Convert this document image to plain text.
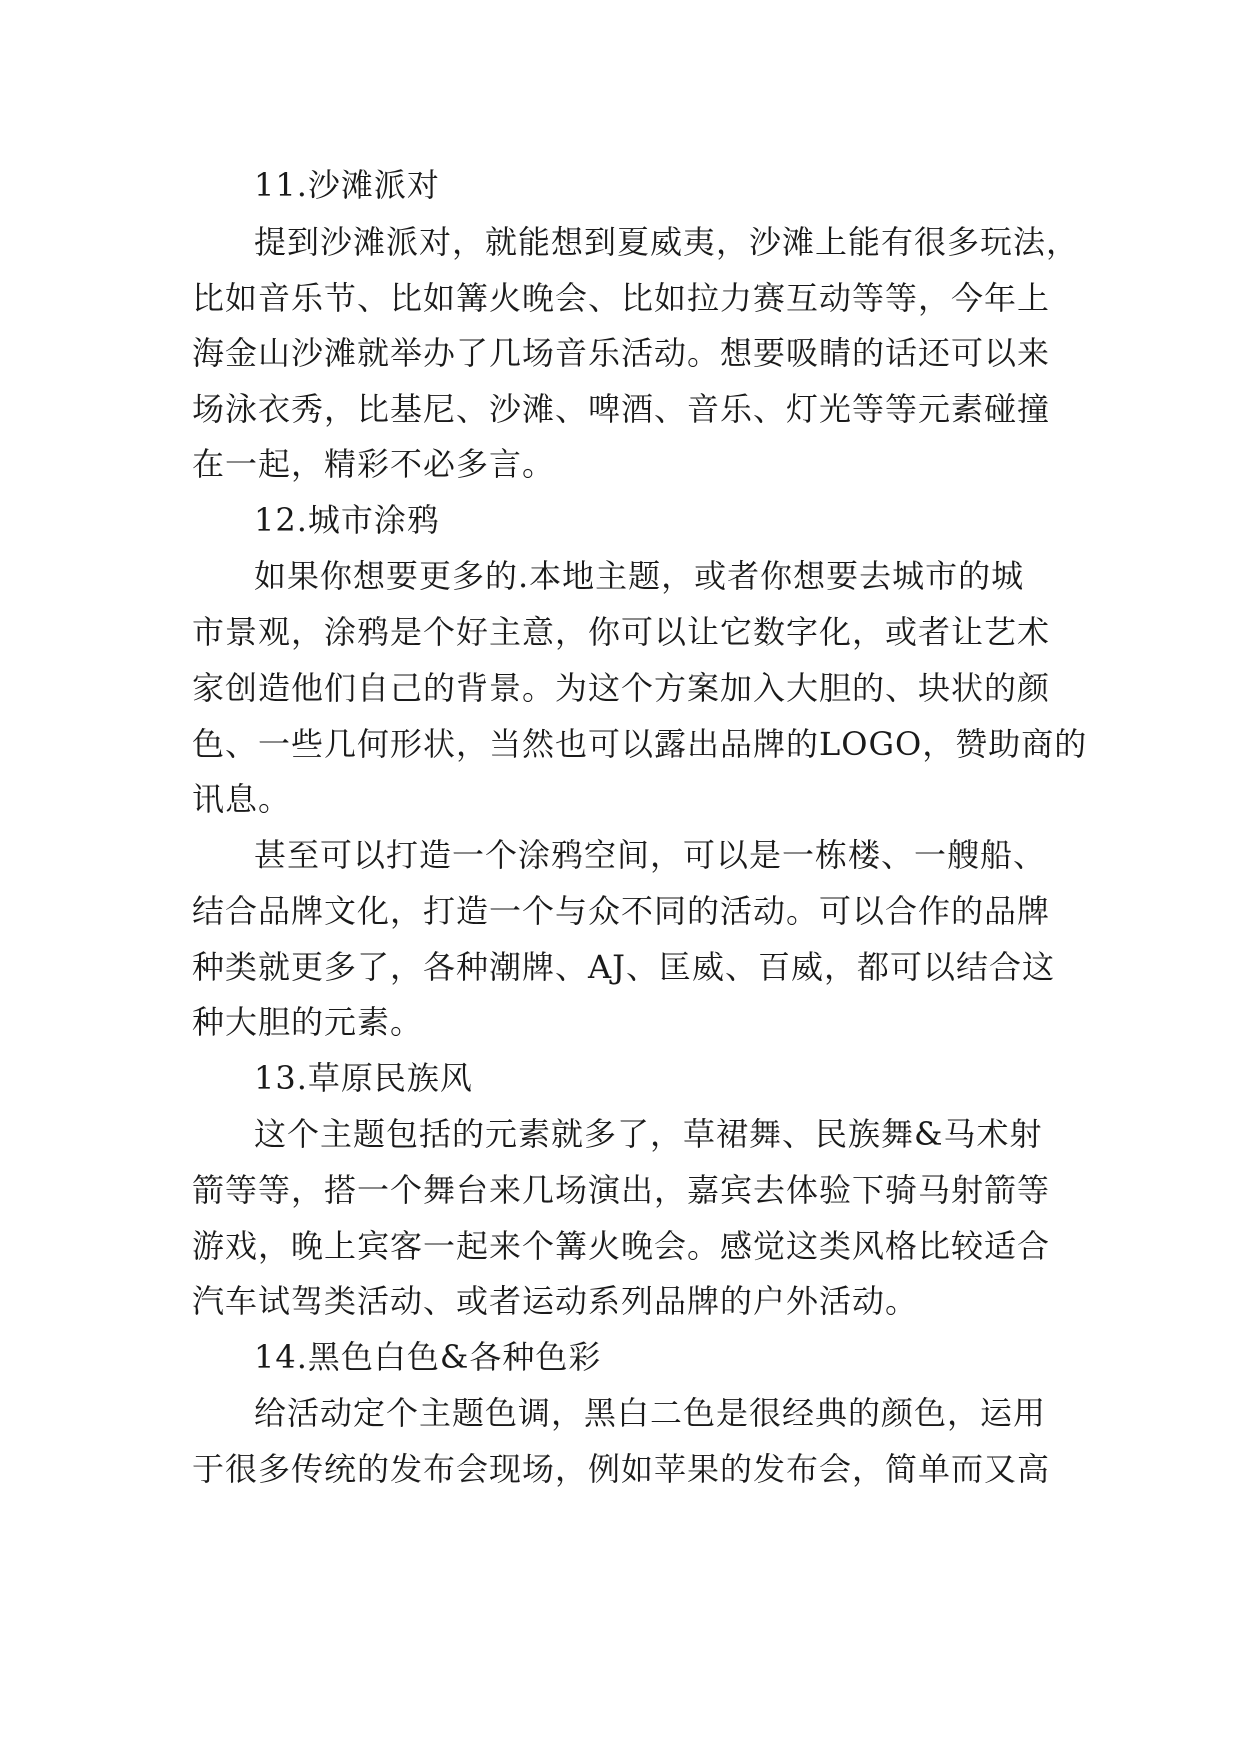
11.沙滩派对
提到沙滩派对，就能想到夏威夷，沙滩上能有很多玩法，
比如音乐节、比如篝火晚会、比如拉力赛互动等等，今年上
海金山沙滩就举办了几场音乐活动。想要吸睛的话还可以来
场泳衣秀，比基尼、沙滩、啤酒、音乐、灯光等等元素碰撞
在一起，精彩不必多言。
12.城市涂鸦
如果你想要更多的.本地主题，或者你想要去城市的城
市景观，涂鸦是个好主意，你可以让它数字化，或者让艺术
家创造他们自己的背景。为这个方案加入大胆的、块状的颜
色、一些几何形状，当然也可以露出品牌的LOGO，赞助商的
讯息。
甚至可以打造一个涂鸦空间，可以是一栋楼、一艘船、
结合品牌文化，打造一个与众不同的活动。可以合作的品牌
种类就更多了，各种潮牌、AJ、匡威、百威，都可以结合这
种大胆的元素。
13.草原民族风
这个主题包括的元素就多了，草裙舞、民族舞&马术射
箭等等，搭一个舞台来几场演出，嘉宾去体验下骑马射箭等
游戏，晚上宾客一起来个篝火晚会。感觉这类风格比较适合
汽车试驾类活动、或者运动系列品牌的户外活动。
14.黑色白色&各种色彩
给活动定个主题色调，黑白二色是很经典的颜色，运用
于很多传统的发布会现场，例如苹果的发布会，简单而又高
